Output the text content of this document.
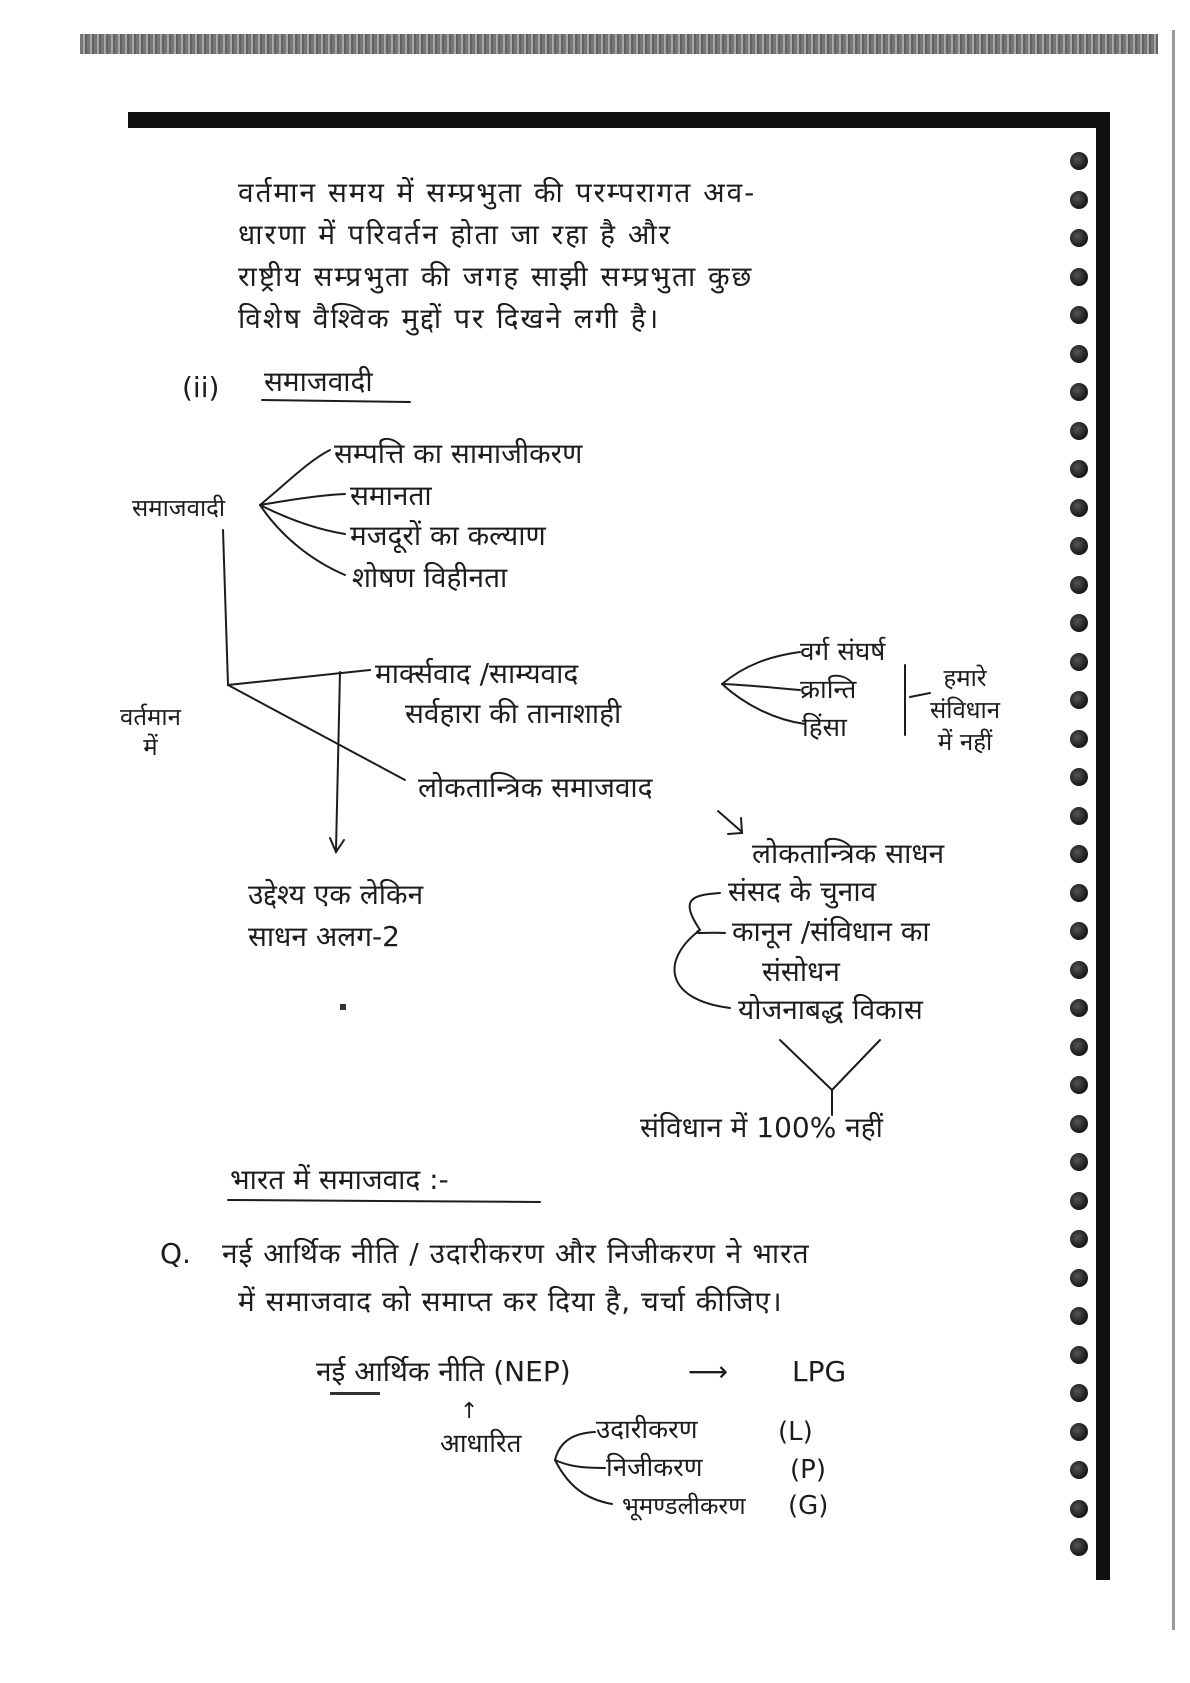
वर्तमान समय में सम्प्रभुता की परम्परागत अव-
धारणा में परिवर्तन होता जा रहा है और
राष्ट्रीय सम्प्रभुता की जगह साझी सम्प्रभुता कुछ
विशेष वैश्विक मुद्दों पर दिखने लगी है।
(ii) समाजवादी
समाजवादी
सम्पत्ति का सामाजीकरण
समानता
मजदूरों का कल्याण
शोषण विहीनता
वर्तमान
में
मार्क्सवाद /साम्यवाद
सर्वहारा की तानाशाही
वर्ग संघर्ष
क्रान्ति
हिंसा
हमारे
संविधान
में नहीं
लोकतान्त्रिक समाजवाद
उद्देश्य एक लेकिन
साधन अलग-2
लोकतान्त्रिक साधन
संसद के चुनाव
कानून /संविधान का
संसोधन
योजनाबद्ध विकास
संविधान में 100% नहीं
भारत में समाजवाद :-
Q. नई आर्थिक नीति / उदारीकरण और निजीकरण ने भारत
में समाजवाद को समाप्त कर दिया है, चर्चा कीजिए।
नई आर्थिक नीति (NEP)	⟶ LPG
↑
आधारित	उदारीकरण	(L)
निजीकरण	(P)
भूमण्डलीकरण (G)
